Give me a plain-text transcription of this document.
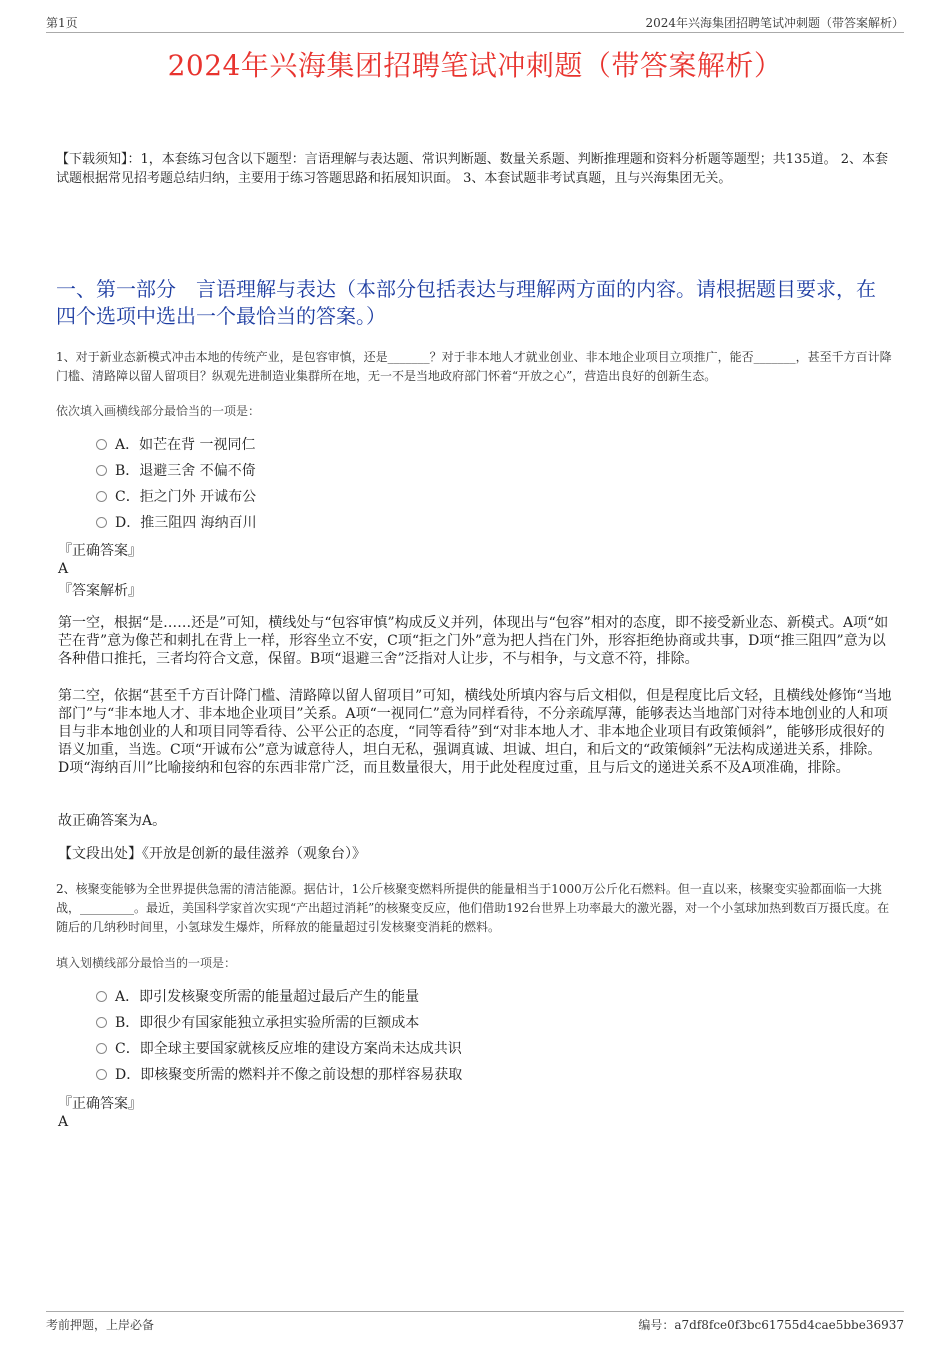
第1页	2024年兴海集团招聘笔试冲刺题（带答案解析）
2024年兴海集团招聘笔试冲刺题（带答案解析）
【下载须知】：1，本套练习包含以下题型：言语理解与表达题、常识判断题、数量关系题、判断推理题和资料分析题等题型；共135道。 2、本套试题根据常见招考题总结归纳，主要用于练习答题思路和拓展知识面。 3、本套试题非考试真题，且与兴海集团无关。
一、第一部分　言语理解与表达（本部分包括表达与理解两方面的内容。请根据题目要求，在四个选项中选出一个最恰当的答案。）
1、对于新业态新模式冲击本地的传统产业，是包容审慎，还是_______？对于非本地人才就业创业、非本地企业项目立项推广，能否_______，甚至千方百计降门槛、清路障以留人留项目？纵观先进制造业集群所在地，无一不是当地政府部门怀着“开放之心”，营造出良好的创新生态。
依次填入画横线部分最恰当的一项是：
A．如芒在背 一视同仁
B．退避三舍 不偏不倚
C．拒之门外 开诚布公
D．推三阻四 海纳百川
『正确答案』
A
『答案解析』
第一空，根据“是……还是”可知，横线处与“包容审慎”构成反义并列，体现出与“包容”相对的态度，即不接受新业态、新模式。A项“如芒在背”意为像芒和刺扎在背上一样，形容坐立不安，C项“拒之门外”意为把人挡在门外，形容拒绝协商或共事，D项“推三阻四”意为以各种借口推托，三者均符合文意，保留。B项“退避三舍”泛指对人让步，不与相争，与文意不符，排除。
第二空，依据“甚至千方百计降门槛、清路障以留人留项目”可知，横线处所填内容与后文相似，但是程度比后文轻，且横线处修饰“当地部门”与“非本地人才、非本地企业项目”关系。A项“一视同仁”意为同样看待，不分亲疏厚薄，能够表达当地部门对待本地创业的人和项目与非本地创业的人和项目同等看待、公平公正的态度，“同等看待”到“对非本地人才、非本地企业项目有政策倾斜”，能够形成很好的语义加重，当选。C项“开诚布公”意为诚意待人，坦白无私，强调真诚、坦诚、坦白，和后文的“政策倾斜”无法构成递进关系，排除。D项“海纳百川”比喻接纳和包容的东西非常广泛，而且数量很大，用于此处程度过重，且与后文的递进关系不及A项准确，排除。
故正确答案为A。
【文段出处】《开放是创新的最佳滋养（观象台）》
2、核聚变能够为全世界提供急需的清洁能源。据估计，1公斤核聚变燃料所提供的能量相当于1000万公斤化石燃料。但一直以来，核聚变实验都面临一大挑战，_________。最近，美国科学家首次实现“产出超过消耗”的核聚变反应，他们借助192台世界上功率最大的激光器，对一个小氢球加热到数百万摄氏度。在随后的几纳秒时间里，小氢球发生爆炸，所释放的能量超过引发核聚变消耗的燃料。
填入划横线部分最恰当的一项是：
A．即引发核聚变所需的能量超过最后产生的能量
B．即很少有国家能独立承担实验所需的巨额成本
C．即全球主要国家就核反应堆的建设方案尚未达成共识
D．即核聚变所需的燃料并不像之前设想的那样容易获取
『正确答案』
A
考前押题，上岸必备	编号：a7df8fce0f3bc61755d4cae5bbe36937
